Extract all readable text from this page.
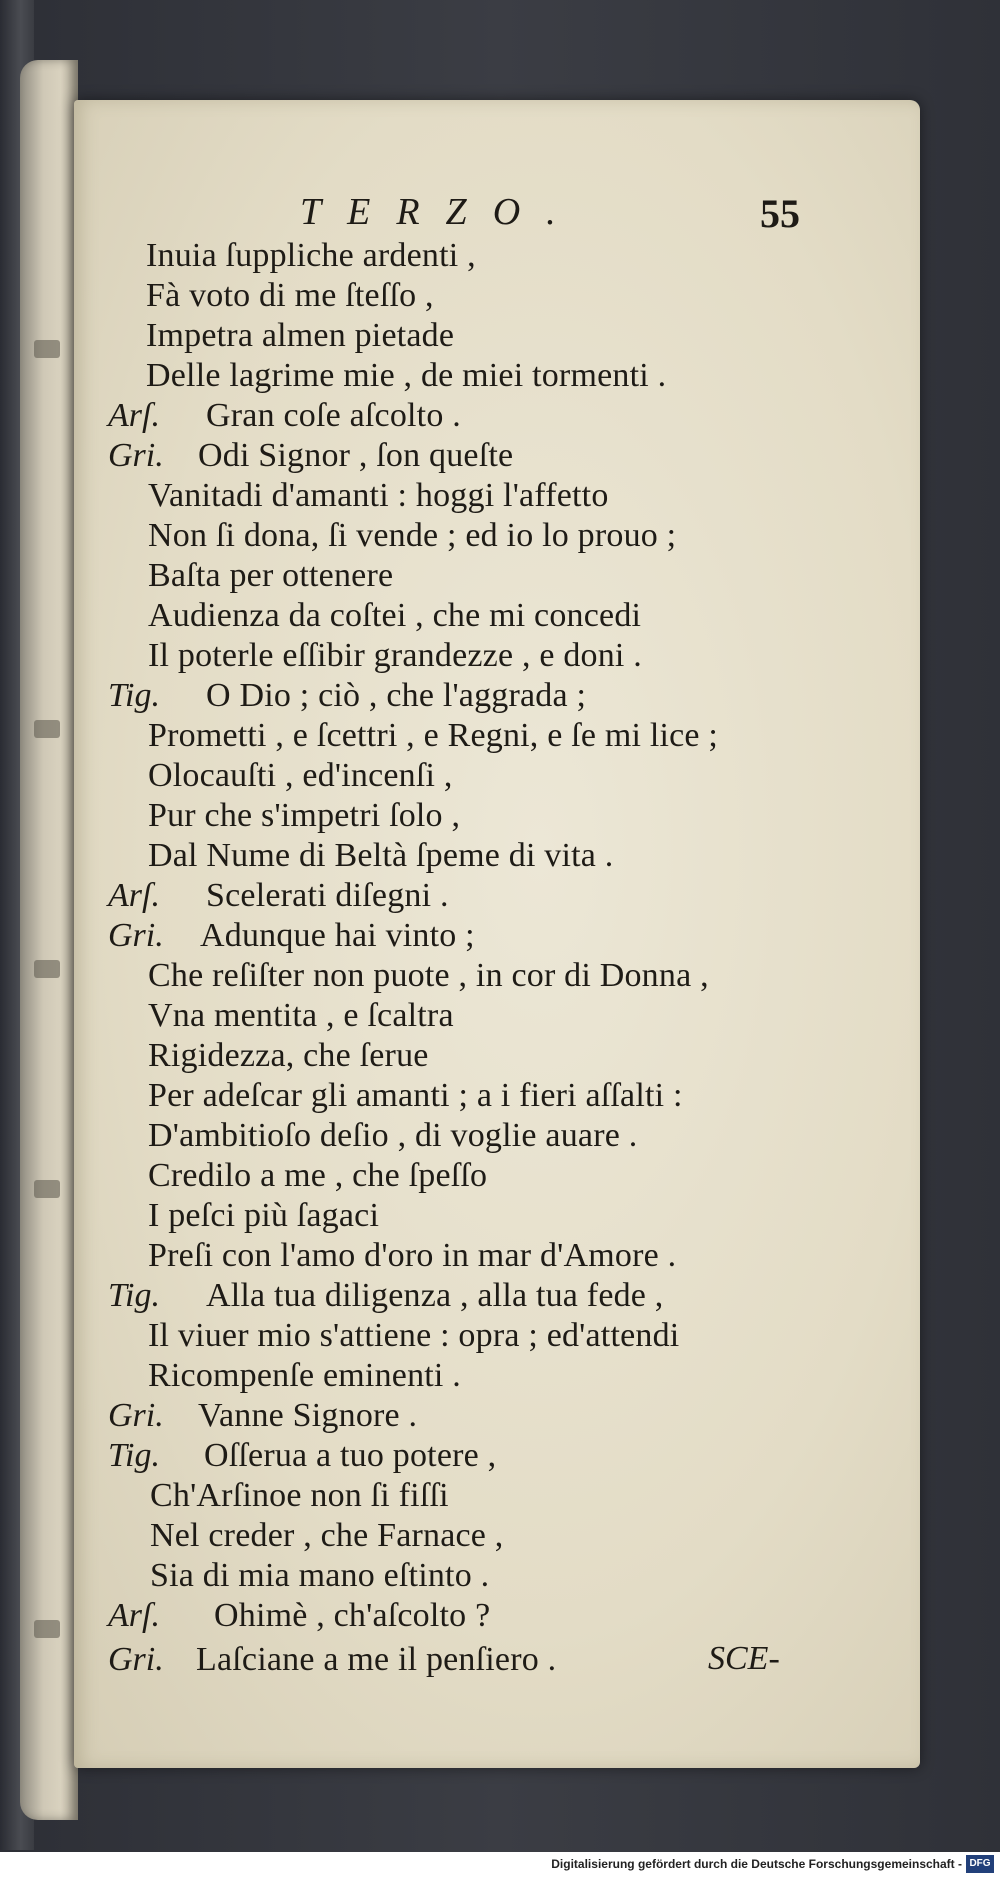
TERZO.	55
Inuia ſuppliche ardenti ,
Fà voto di me ſteſſo ,
Impetra almen pietade
Delle lagrime mie , de miei tormenti .
Arſ. Gran coſe aſcolto .
Gri. Odi Signor , ſon queſte
Vanitadi d'amanti : hoggi l'affetto
Non ſi dona, ſi vende ; ed io lo prouo ;
Baſta per ottenere
Audienza da coſtei , che mi concedi
Il poterle eſſibir grandezze , e doni .
Tig. O Dio ; ciò , che l'aggrada ;
Prometti , e ſcettri , e Regni, e ſe mi lice ;
Olocauſti , ed'incenſi ,
Pur che s'impetri ſolo ,
Dal Nume di Beltà ſpeme di vita .
Arſ. Scelerati diſegni .
Gri. Adunque hai vinto ;
Che reſiſter non puote , in cor di Donna ,
Vna mentita , e ſcaltra
Rigidezza, che ſerue
Per adeſcar gli amanti ; a i fieri aſſalti :
D'ambitioſo deſio , di voglie auare .
Credilo a me , che ſpeſſo
I peſci più ſagaci
Preſi con l'amo d'oro in mar d'Amore .
Tig. Alla tua diligenza , alla tua fede ,
Il viuer mio s'attiene : opra ; ed'attendi
Ricompenſe eminenti .
Gri. Vanne Signore .
Tig. Oſſerua a tuo potere ,
Ch'Arſinoe non ſi fiſſi
Nel creder , che Farnace ,
Sia di mia mano eſtinto .
Arſ. Ohimè , ch'aſcolto ?
Gri. Laſciane a me il penſiero .	SCE-
Digitalisierung gefördert durch die Deutsche Forschungsgemeinschaft - DFG
